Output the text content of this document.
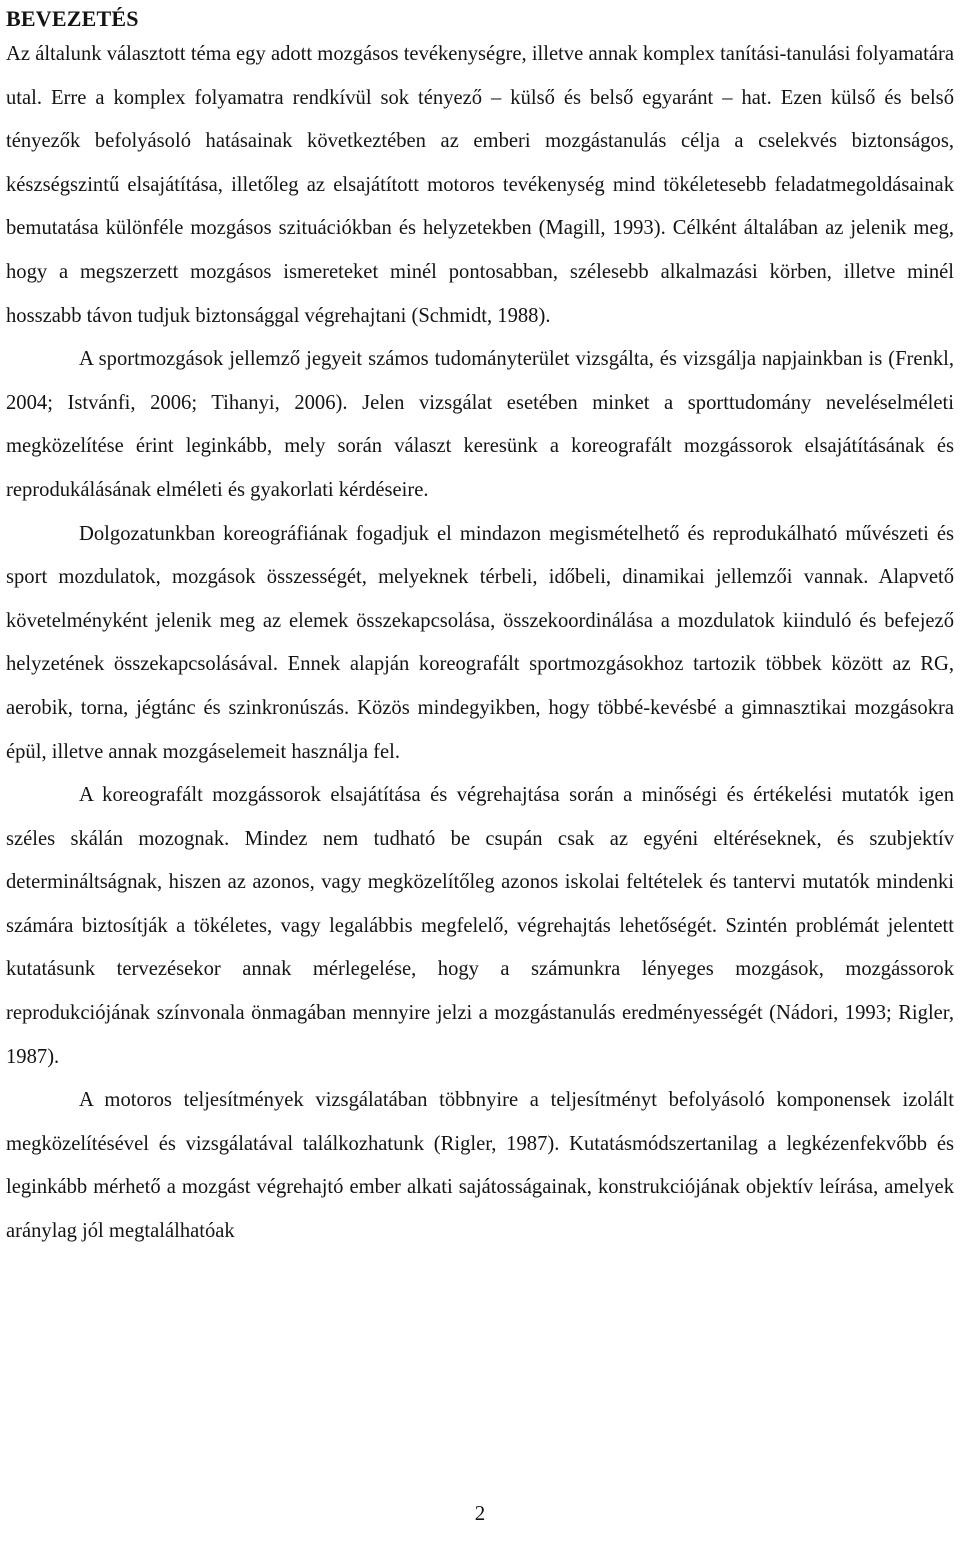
BEVEZETÉS

Az általunk választott téma egy adott mozgásos tevékenységre, illetve annak komplex tanítási-tanulási folyamatára utal. Erre a komplex folyamatra rendkívül sok tényező – külső és belső egyaránt – hat. Ezen külső és belső tényezők befolyásoló hatásainak következtében az emberi mozgástanulás célja a cselekvés biztonságos, készségszintű elsajátítása, illetőleg az elsajátított motoros tevékenység mind tökéletesebb feladatmegoldásainak bemutatása különféle mozgásos szituációkban és helyzetekben (Magill, 1993). Célként általában az jelenik meg, hogy a megszerzett mozgásos ismereteket minél pontosabban, szélesebb alkalmazási körben, illetve minél hosszabb távon tudjuk biztonsággal végrehajtani (Schmidt, 1988).

A sportmozgások jellemző jegyeit számos tudományterület vizsgálta, és vizsgálja napjainkban is (Frenkl, 2004; Istvánfi, 2006; Tihanyi, 2006). Jelen vizsgálat esetében minket a sporttudomány neveléselméleti megközelítése érint leginkább, mely során választ keresünk a koreografált mozgássorok elsajátításának és reprodukálásának elméleti és gyakorlati kérdéseire.

Dolgozatunkban koreográfiának fogadjuk el mindazon megismételhető és reprodukálható művészeti és sport mozdulatok, mozgások összességét, melyeknek térbeli, időbeli, dinamikai jellemzői vannak. Alapvető követelményként jelenik meg az elemek összekapcsolása, összekoordinálása a mozdulatok kiinduló és befejező helyzetének összekapcsolásával. Ennek alapján koreografált sportmozgásokhoz tartozik többek között az RG, aerobik, torna, jégtánc és szinkronúszás. Közös mindegyikben, hogy többé-kevésbé a gimnasztikai mozgásokra épül, illetve annak mozgáselemeit használja fel.

A koreografált mozgássorok elsajátítása és végrehajtása során a minőségi és értékelési mutatók igen széles skálán mozognak. Mindez nem tudható be csupán csak az egyéni eltéréseknek, és szubjektív determináltságnak, hiszen az azonos, vagy megközelítőleg azonos iskolai feltételek és tantervi mutatók mindenki számára biztosítják a tökéletes, vagy legalábbis megfelelő, végrehajtás lehetőségét. Szintén problémát jelentett kutatásunk tervezésekor annak mérlegelése, hogy a számunkra lényeges mozgások, mozgássorok reprodukciójának színvonala önmagában mennyire jelzi a mozgástanulás eredményességét (Nádori, 1993; Rigler, 1987).

A motoros teljesítmények vizsgálatában többnyire a teljesítményt befolyásoló komponensek izolált megközelítésével és vizsgálatával találkozhatunk (Rigler, 1987). Kutatásmódszertanilag a legkézenfekvőbb és leginkább mérhető a mozgást végrehajtó ember alkati sajátosságainak, konstrukciójának objektív leírása, amelyek aránylag jól megtalálhatóak

2
